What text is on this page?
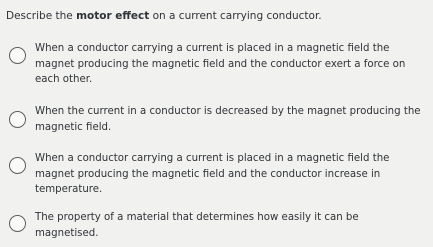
Describe the motor effect on a current carrying conductor.
When a conductor carrying a current is placed in a magnetic field the magnet producing the magnetic field and the conductor exert a force on each other.
When the current in a conductor is decreased by the magnet producing the magnetic field.
When a conductor carrying a current is placed in a magnetic field the magnet producing the magnetic field and the conductor increase in temperature.
The property of a material that determines how easily it can be magnetised.
